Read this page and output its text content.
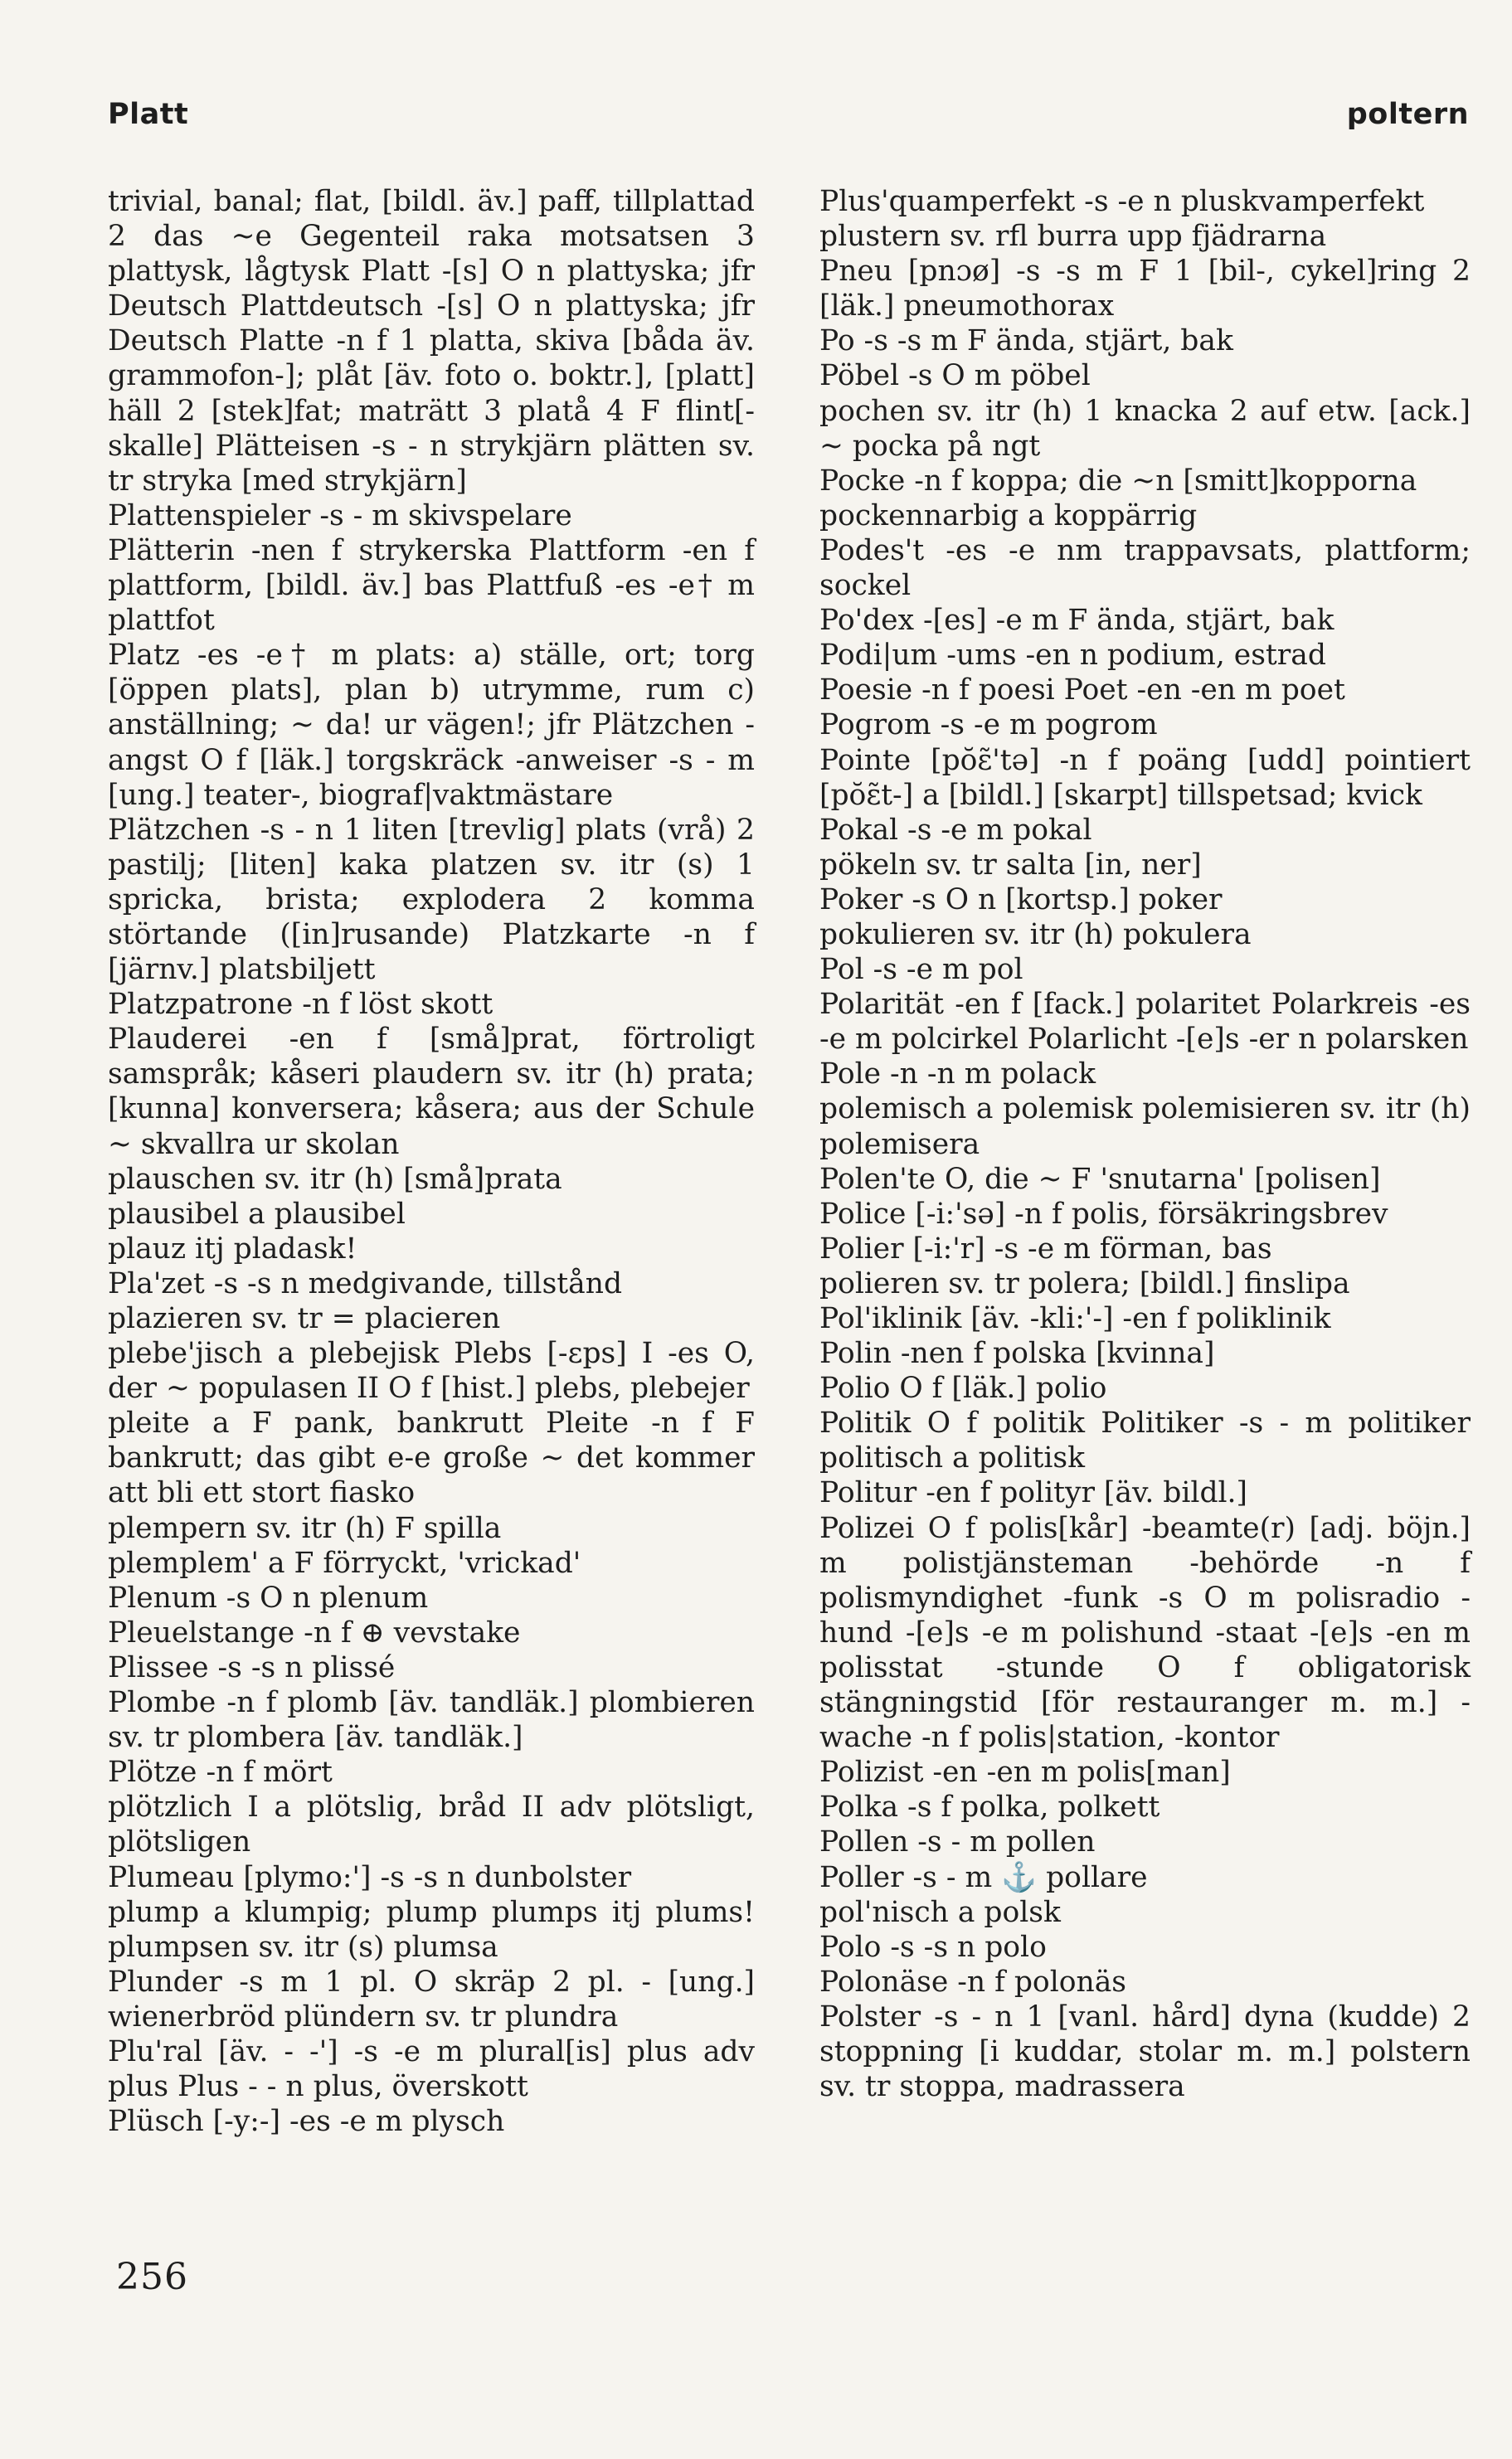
Platt	poltern

trivial, banal; flat, [bildl. äv.] paff, tillplattad 2 das ~e Gegenteil raka motsatsen 3 plattysk, lågtysk Platt -[s] O n plattyska; jfr Deutsch Plattdeutsch -[s] O n plattyska; jfr Deutsch Platte -n f 1 platta, skiva [båda äv. grammofon-]; plåt [äv. foto o. boktr.], [platt] häll 2 [stek]fat; maträtt 3 platå 4 F flint[-skalle] Plätteisen -s - n strykjärn plätten sv. tr stryka [med strykjärn]

Plattenspieler -s - m skivspelare

Plätterin -nen f strykerska Plattform -en f plattform, [bildl. äv.] bas Plattfuß -es -e† m plattfot

Platz -es -e† m plats: a) ställe, ort; torg [öppen plats], plan b) utrymme, rum c) anställning; ~ da! ur vägen!; jfr Plätzchen -angst O f [läk.] torgskräck -anweiser -s - m [ung.] teater-, biograf|vaktmästare

Plätzchen -s - n 1 liten [trevlig] plats (vrå) 2 pastilj; [liten] kaka platzen sv. itr (s) 1 spricka, brista; explodera 2 komma störtande ([in]rusande) Platzkarte -n f [järnv.] platsbiljett

Platzpatrone -n f löst skott

Plauderei -en f [små]prat, förtroligt samspråk; kåseri plaudern sv. itr (h) prata; [kunna] konversera; kåsera; aus der Schule ~ skvallra ur skolan

plauschen sv. itr (h) [små]prata

plausibel a plausibel

plauz itj pladask!

Pla'zet -s -s n medgivande, tillstånd

plazieren sv. tr = placieren

plebe'jisch a plebejisk Plebs [-ɛps] I -es O, der ~ populasen II O f [hist.] plebs, plebejer

pleite a F pank, bankrutt Pleite -n f F bankrutt; das gibt e-e große ~ det kommer att bli ett stort fiasko

plempern sv. itr (h) F spilla

plemplem' a F förryckt, 'vrickad'

Plenum -s O n plenum

Pleuelstange -n f ⊕ vevstake

Plissee -s -s n plissé

Plombe -n f plomb [äv. tandläk.] plombieren sv. tr plombera [äv. tandläk.]

Plötze -n f mört

plötzlich I a plötslig, bråd II adv plötsligt, plötsligen

Plumeau [plymo:'] -s -s n dunbolster

plump a klumpig; plump plumps itj plums! plumpsen sv. itr (s) plumsa

Plunder -s m 1 pl. O skräp 2 pl. - [ung.] wienerbröd plündern sv. tr plundra

Plu'ral [äv. - -'] -s -e m plural[is] plus adv plus Plus - - n plus, överskott

Plüsch [-y:-] -es -e m plysch

Plus'quamperfekt -s -e n pluskvamperfekt

plustern sv. rfl burra upp fjädrarna

Pneu [pnɔø] -s -s m F 1 [bil-, cykel]ring 2 [läk.] pneumothorax

Po -s -s m F ända, stjärt, bak

Pöbel -s O m pöbel

pochen sv. itr (h) 1 knacka 2 auf etw. [ack.] ~ pocka på ngt

Pocke -n f koppa; die ~n [smitt]kopporna

pockennarbig a koppärrig

Podes't -es -e nm trappavsats, plattform; sockel

Po'dex -[es] -e m F ända, stjärt, bak

Podi|um -ums -en n podium, estrad

Poesie -n f poesi Poet -en -en m poet

Pogrom -s -e m pogrom

Pointe [pŏɛ̃'tə] -n f poäng [udd] pointiert [pŏɛ̃t-] a [bildl.] [skarpt] tillspetsad; kvick

Pokal -s -e m pokal

pökeln sv. tr salta [in, ner]

Poker -s O n [kortsp.] poker

pokulieren sv. itr (h) pokulera

Pol -s -e m pol

Polarität -en f [fack.] polaritet Polarkreis -es -e m polcirkel Polarlicht -[e]s -er n polarsken

Pole -n -n m polack

polemisch a polemisk polemisieren sv. itr (h) polemisera

Polen'te O, die ~ F 'snutarna' [polisen]

Police [-i:'sə] -n f polis, försäkringsbrev

Polier [-i:'r] -s -e m förman, bas

polieren sv. tr polera; [bildl.] finslipa

Pol'iklinik [äv. -kli:'-] -en f poliklinik

Polin -nen f polska [kvinna]

Polio O f [läk.] polio

Politik O f politik Politiker -s - m politiker politisch a politisk

Politur -en f polityr [äv. bildl.]

Polizei O f polis[kår] -beamte(r) [adj. böjn.] m polistjänsteman -behörde -n f polismyndighet -funk -s O m polisradio -hund -[e]s -e m polishund -staat -[e]s -en m polisstat -stunde O f obligatorisk stängningstid [för restauranger m. m.] -wache -n f polis|station, -kontor

Polizist -en -en m polis[man]

Polka -s f polka, polkett

Pollen -s - m pollen

Poller -s - m ⚓ pollare

pol'nisch a polsk

Polo -s -s n polo

Polonäse -n f polonäs

Polster -s - n 1 [vanl. hård] dyna (kudde) 2 stoppning [i kuddar, stolar m. m.] polstern sv. tr stoppa, madrassera

256
